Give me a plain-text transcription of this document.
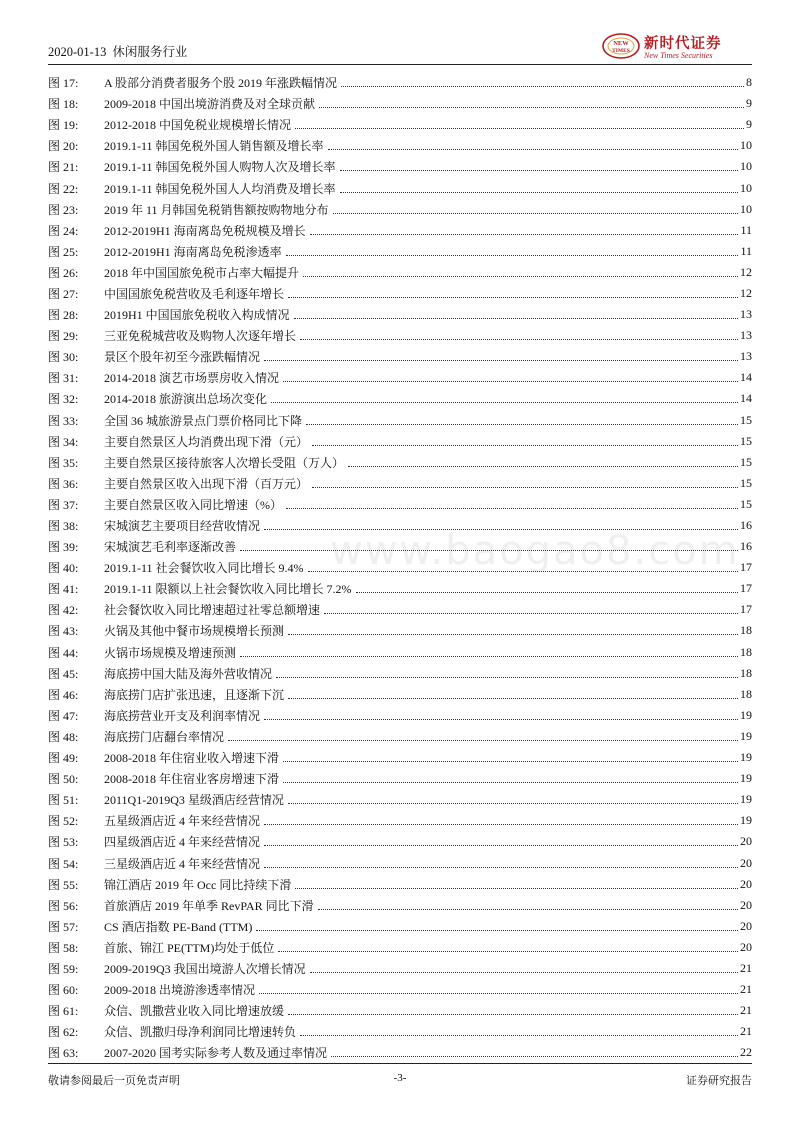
2020-01-13 休闲服务行业
NEW
TIMES 新时代证券
New Times Securities
图 17:	A 股部分消费者服务个股 2019 年涨跌幅情况	8
图 18:	2009-2018 中国出境游消费及对全球贡献	9
图 19:	2012-2018 中国免税业规模增长情况	9
图 20:	2019.1-11 韩国免税外国人销售额及增长率	10
图 21:	2019.1-11 韩国免税外国人购物人次及增长率	10
图 22:	2019.1-11 韩国免税外国人人均消费及增长率	10
图 23:	2019 年 11 月韩国免税销售额按购物地分布	10
图 24:	2012-2019H1 海南离岛免税规模及增长	11
图 25:	2012-2019H1 海南离岛免税渗透率	11
图 26:	2018 年中国国旅免税市占率大幅提升	12
图 27:	中国国旅免税营收及毛利逐年增长	12
图 28:	2019H1 中国国旅免税收入构成情况	13
图 29:	三亚免税城营收及购物人次逐年增长	13
图 30:	景区个股年初至今涨跌幅情况	13
图 31:	2014-2018 演艺市场票房收入情况	14
图 32:	2014-2018 旅游演出总场次变化	14
图 33:	全国 36 城旅游景点门票价格同比下降	15
图 34:	主要自然景区人均消费出现下滑（元）	15
图 35:	主要自然景区接待旅客人次增长受阻（万人）	15
图 36:	主要自然景区收入出现下滑（百万元）	15
图 37:	主要自然景区收入同比增速（%）	15
图 38:	宋城演艺主要项目经营收情况	16
图 39:	宋城演艺毛利率逐渐改善	16
图 40:	2019.1-11 社会餐饮收入同比增长 9.4%	17
图 41:	2019.1-11 限额以上社会餐饮收入同比增长 7.2%	17
图 42:	社会餐饮收入同比增速超过社零总额增速	17
图 43:	火锅及其他中餐市场规模增长预测	18
图 44:	火锅市场规模及增速预测	18
图 45:	海底捞中国大陆及海外营收情况	18
图 46:	海底捞门店扩张迅速，且逐渐下沉	18
图 47:	海底捞营业开支及利润率情况	19
图 48:	海底捞门店翻台率情况	19
图 49:	2008-2018 年住宿业收入增速下滑	19
图 50:	2008-2018 年住宿业客房增速下滑	19
图 51:	2011Q1-2019Q3 星级酒店经营情况	19
图 52:	五星级酒店近 4 年来经营情况	19
图 53:	四星级酒店近 4 年来经营情况	20
图 54:	三星级酒店近 4 年来经营情况	20
图 55:	锦江酒店 2019 年 Occ 同比持续下滑	20
图 56:	首旅酒店 2019 年单季 RevPAR 同比下滑	20
图 57:	CS 酒店指数 PE-Band (TTM)	20
图 58:	首旅、锦江 PE(TTM)均处于低位	20
图 59:	2009-2019Q3 我国出境游人次增长情况	21
图 60:	2009-2018 出境游渗透率情况	21
图 61:	众信、凯撒营业收入同比增速放缓	21
图 62:	众信、凯撒归母净利润同比增速转负	21
图 63:	2007-2020 国考实际参考人数及通过率情况	22
www.baogao8.com
敬请参阅最后一页免责声明	-3-	证券研究报告
